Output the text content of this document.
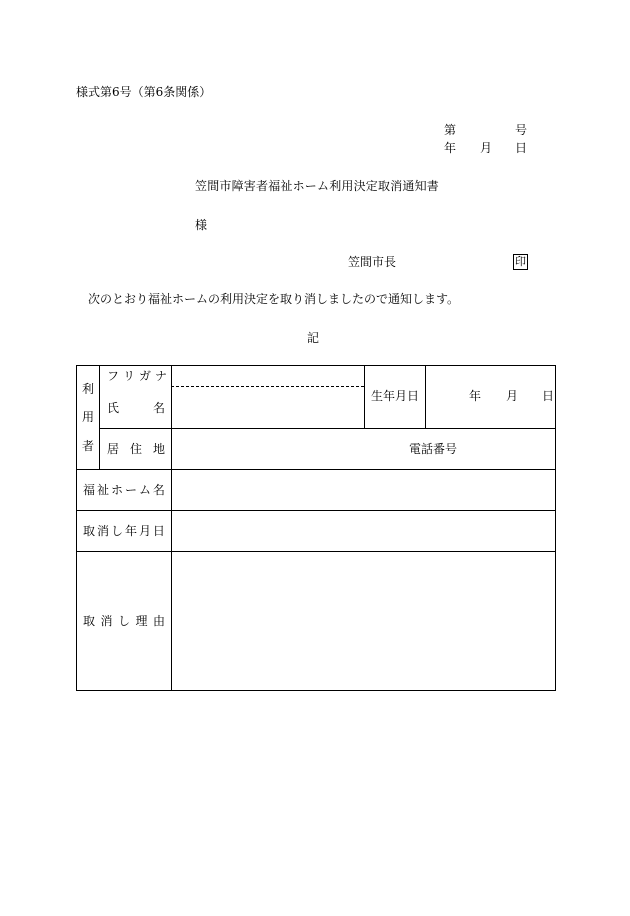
様式第6号（第6条関係）
第	号
年 月 日
笠間市障害者福祉ホーム利用決定取消通知書
様
笠間市長	印
次のとおり福祉ホームの利用決定を取り消しましたので通知します。
記
利
用
者
フ リ ガ ナ
氏	名
生年月日	年 月 日
居 住 地	電話番号
福 祉 ホ ー ム 名
取 消 し 年 月 日
取 消 し 理 由
